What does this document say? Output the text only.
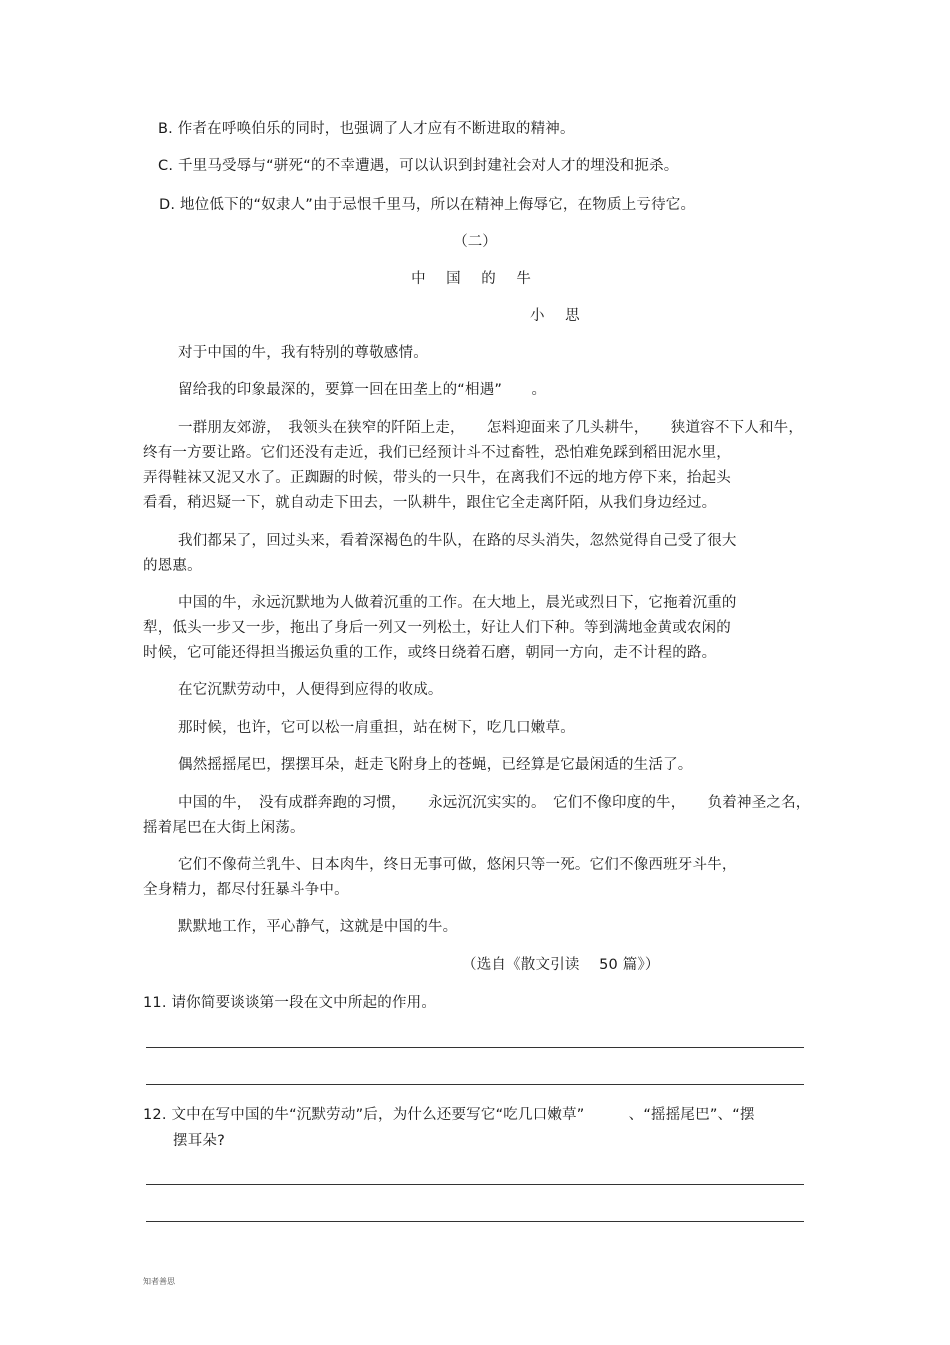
B. 作者在呼唤伯乐的同时，也强调了人才应有不断进取的精神。
C. 千里马受辱与“骈死“的不幸遭遇，可以认识到封建社会对人才的埋没和扼杀。
D. 地位低下的“奴隶人”由于忌恨千里马，所以在精神上侮辱它，在物质上亏待它。
（二）
中 国 的 牛
小 思
对于中国的牛，我有特别的尊敬感情。
留给我的印象最深的，要算一回在田垄上的“相遇”　　。
一群朋友郊游，　我领头在狭窄的阡陌上走，　　怎料迎面来了几头耕牛，　　狭道容不下人和牛，
终有一方要让路。它们还没有走近，我们已经预计斗不过畜牲，恐怕难免踩到稻田泥水里，
弄得鞋袜又泥又水了。正踟蹰的时候，带头的一只牛，在离我们不远的地方停下来，抬起头
看看，稍迟疑一下，就自动走下田去，一队耕牛，跟住它全走离阡陌，从我们身边经过。
我们都呆了，回过头来，看着深褐色的牛队，在路的尽头消失，忽然觉得自己受了很大
的恩惠。
中国的牛，永远沉默地为人做着沉重的工作。在大地上，晨光或烈日下，它拖着沉重的
犁，低头一步又一步，拖出了身后一列又一列松土，好让人们下种。等到满地金黄或农闲的
时候，它可能还得担当搬运负重的工作，或终日绕着石磨，朝同一方向，走不计程的路。
在它沉默劳动中，人便得到应得的收成。
那时候，也许，它可以松一肩重担，站在树下，吃几口嫩草。
偶然摇摇尾巴，摆摆耳朵，赶走飞附身上的苍蝇，已经算是它最闲适的生活了。
中国的牛，　没有成群奔跑的习惯，　　永远沉沉实实的。　它们不像印度的牛，　　负着神圣之名，
摇着尾巴在大街上闲荡。
它们不像荷兰乳牛、日本肉牛，终日无事可做，悠闲只等一死。它们不像西班牙斗牛，
全身精力，都尽付狂暴斗争中。
默默地工作，平心静气，这就是中国的牛。
（选自《散文引读　 50 篇》）
11. 请你简要谈谈第一段在文中所起的作用。
12. 文中在写中国的牛“沉默劳动”后，为什么还要写它“吃几口嫩草”　　　、“摇摇尾巴”、“摆
摆耳朵?
知者善思
